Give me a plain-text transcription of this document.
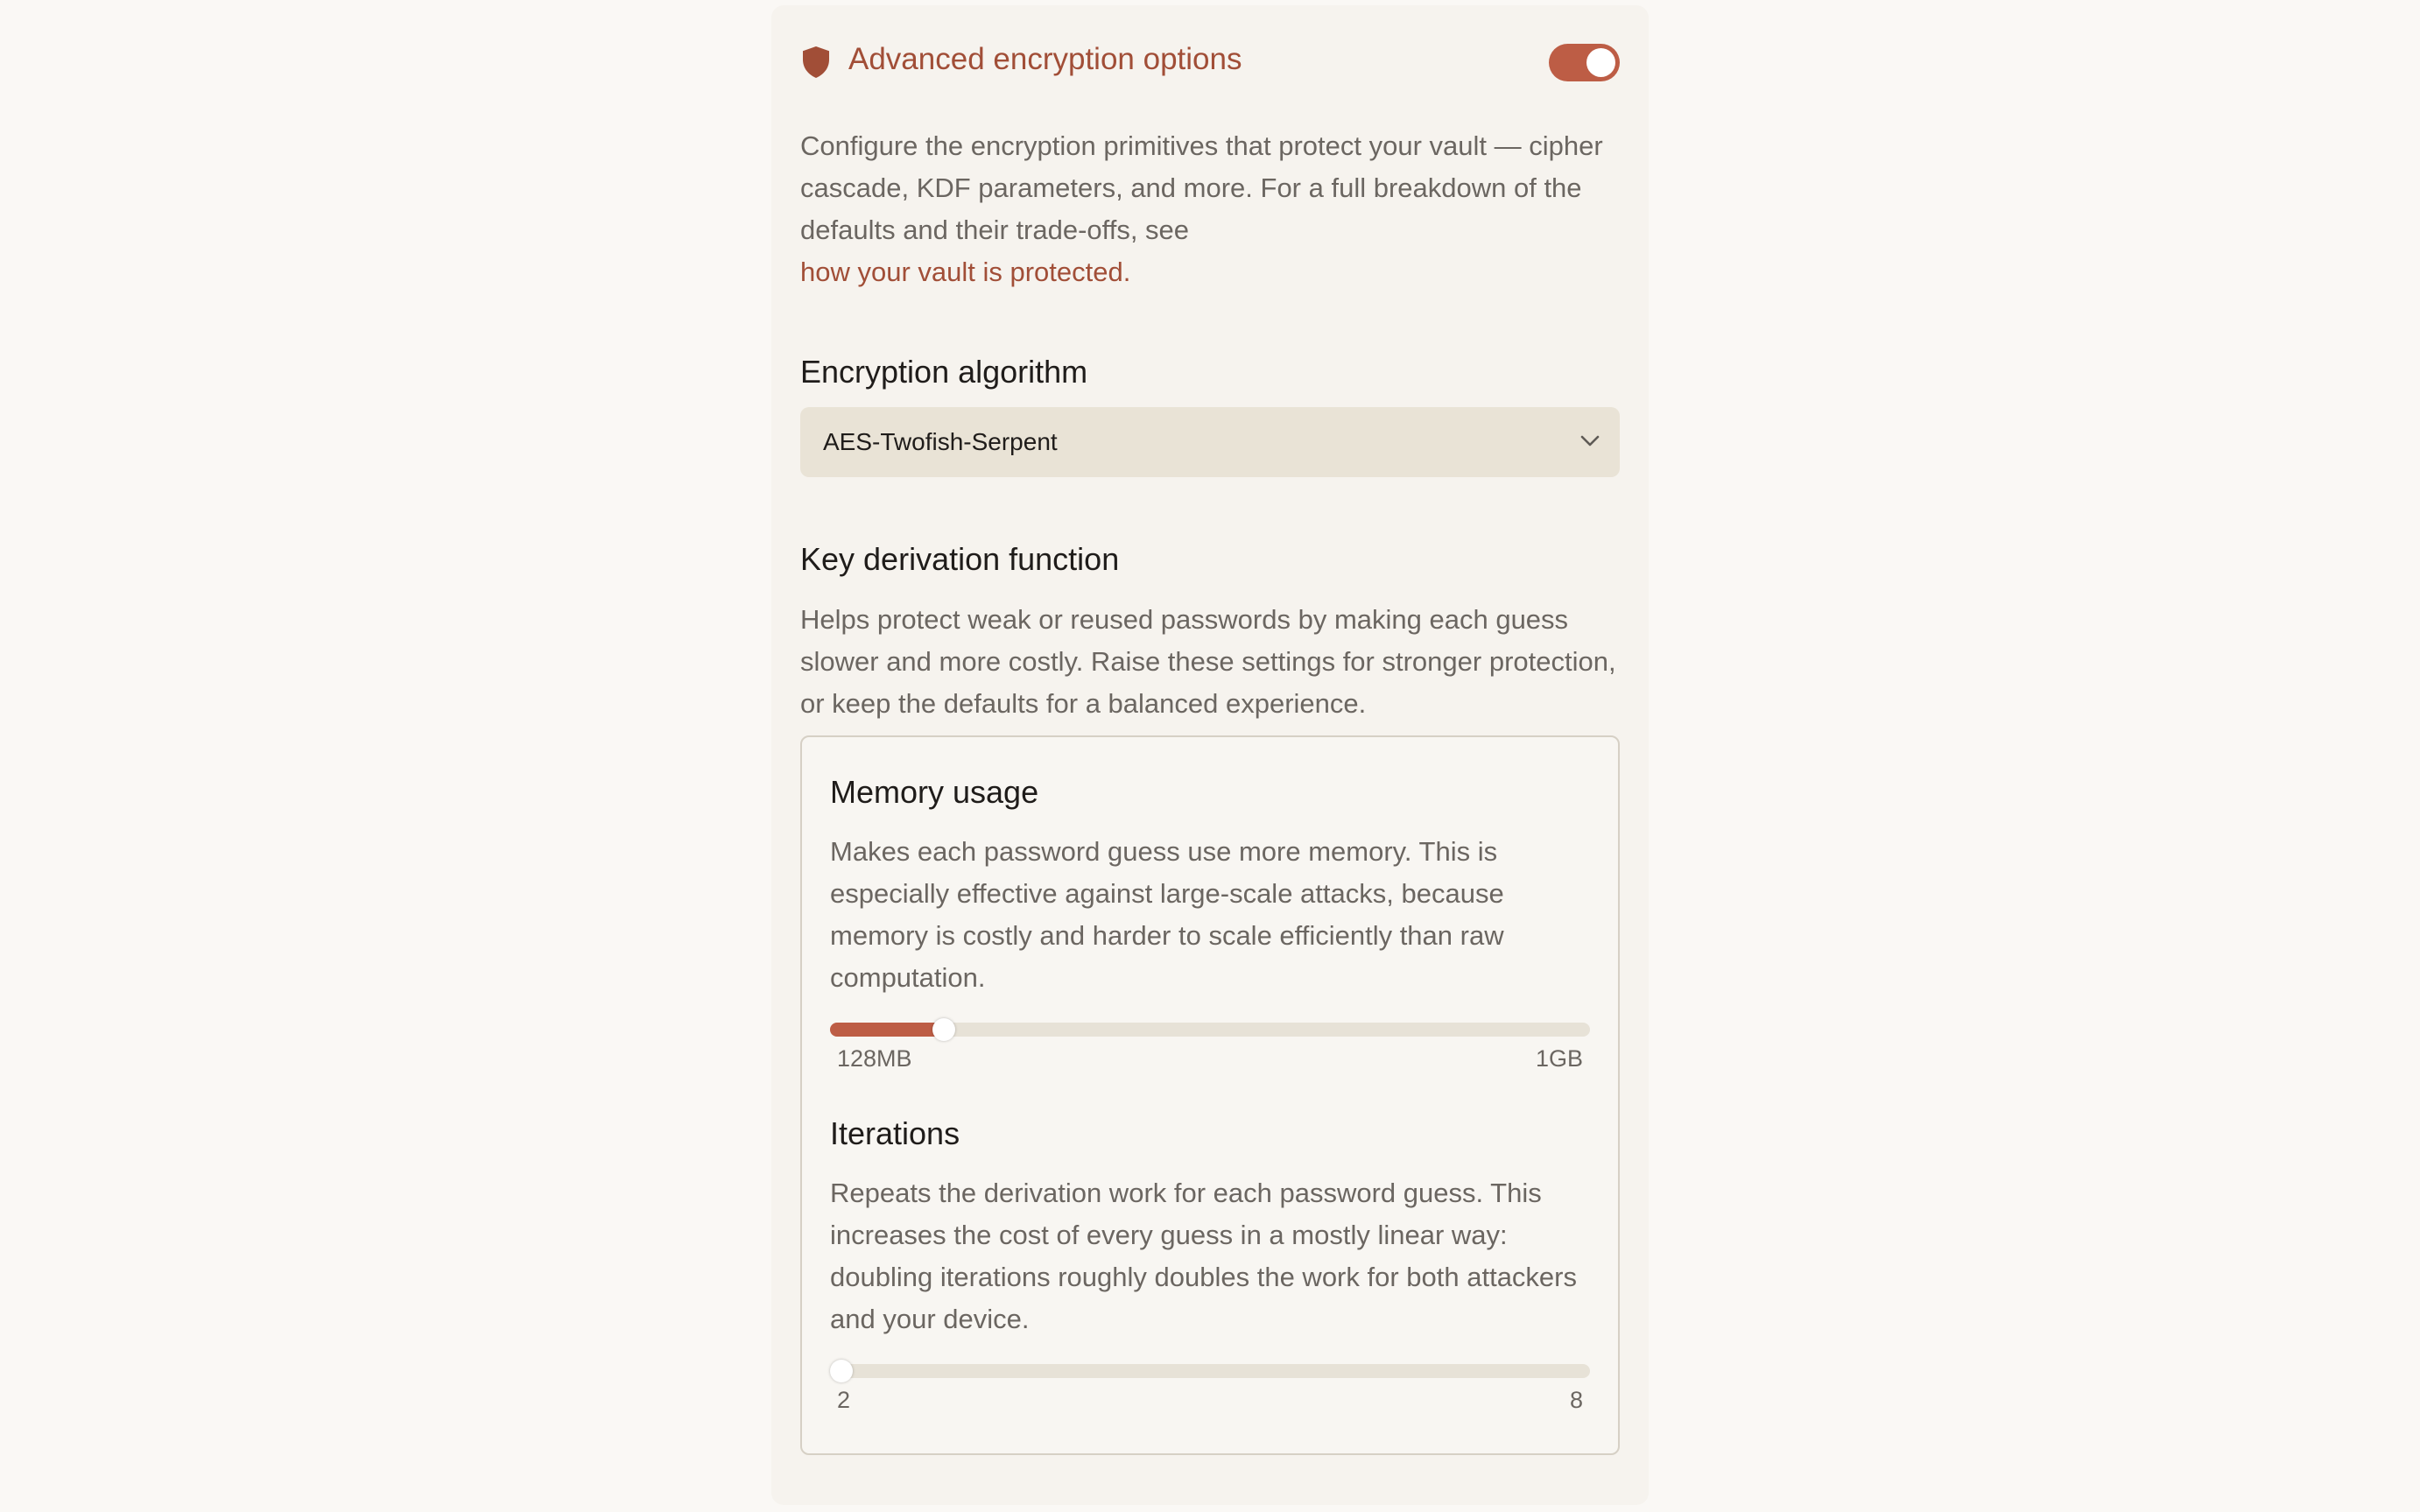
Advanced encryption options
Configure the encryption primitives that protect your vault — cipher cascade, KDF parameters, and more. For a full breakdown of the defaults and their trade-offs, see
how your vault is protected.
Encryption algorithm
AES-Twofish-Serpent
Key derivation function
Helps protect weak or reused passwords by making each guess slower and more costly. Raise these settings for stronger protection, or keep the defaults for a balanced experience.
Memory usage
Makes each password guess use more memory. This is especially effective against large-scale attacks, because memory is costly and harder to scale efficiently than raw computation.
128MB	1GB
Iterations
Repeats the derivation work for each password guess. This increases the cost of every guess in a mostly linear way: doubling iterations roughly doubles the work for both attackers and your device.
2	8
